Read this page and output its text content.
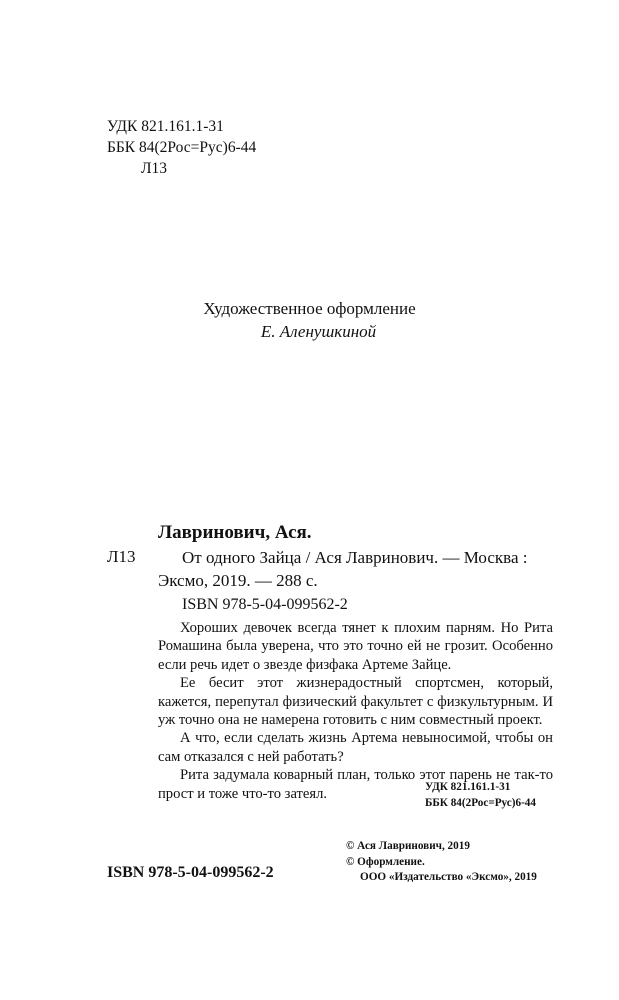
УДК 821.161.1-31
ББК 84(2Рос=Рус)6-44
Л13
Художественное оформление
Е. Аленушкиной
Лавринович, Ася.
Л13	От одного Зайца / Ася Лавринович. — Москва :
Эксмо, 2019. — 288 с.
ISBN 978-5-04-099562-2

Хороших девочек всегда тянет к плохим парням. Но Рита Ромашина была уверена, что это точно ей не грозит. Особенно если речь идет о звезде физфака Артеме Зайце.

Ее бесит этот жизнерадостный спортсмен, который, кажется, перепутал физический факультет с физкультурным. И уж точно она не намерена готовить с ним совместный проект.

А что, если сделать жизнь Артема невыносимой, чтобы он сам отказался с ней работать?

Рита задумала коварный план, только этот парень не так-то прост и тоже что-то затеял.	УДК 821.161.1-31
ББК 84(2Рос=Рус)6-44
© Ася Лавринович, 2019
© Оформление.
ООО «Издательство «Эксмо», 2019
ISBN 978-5-04-099562-2
